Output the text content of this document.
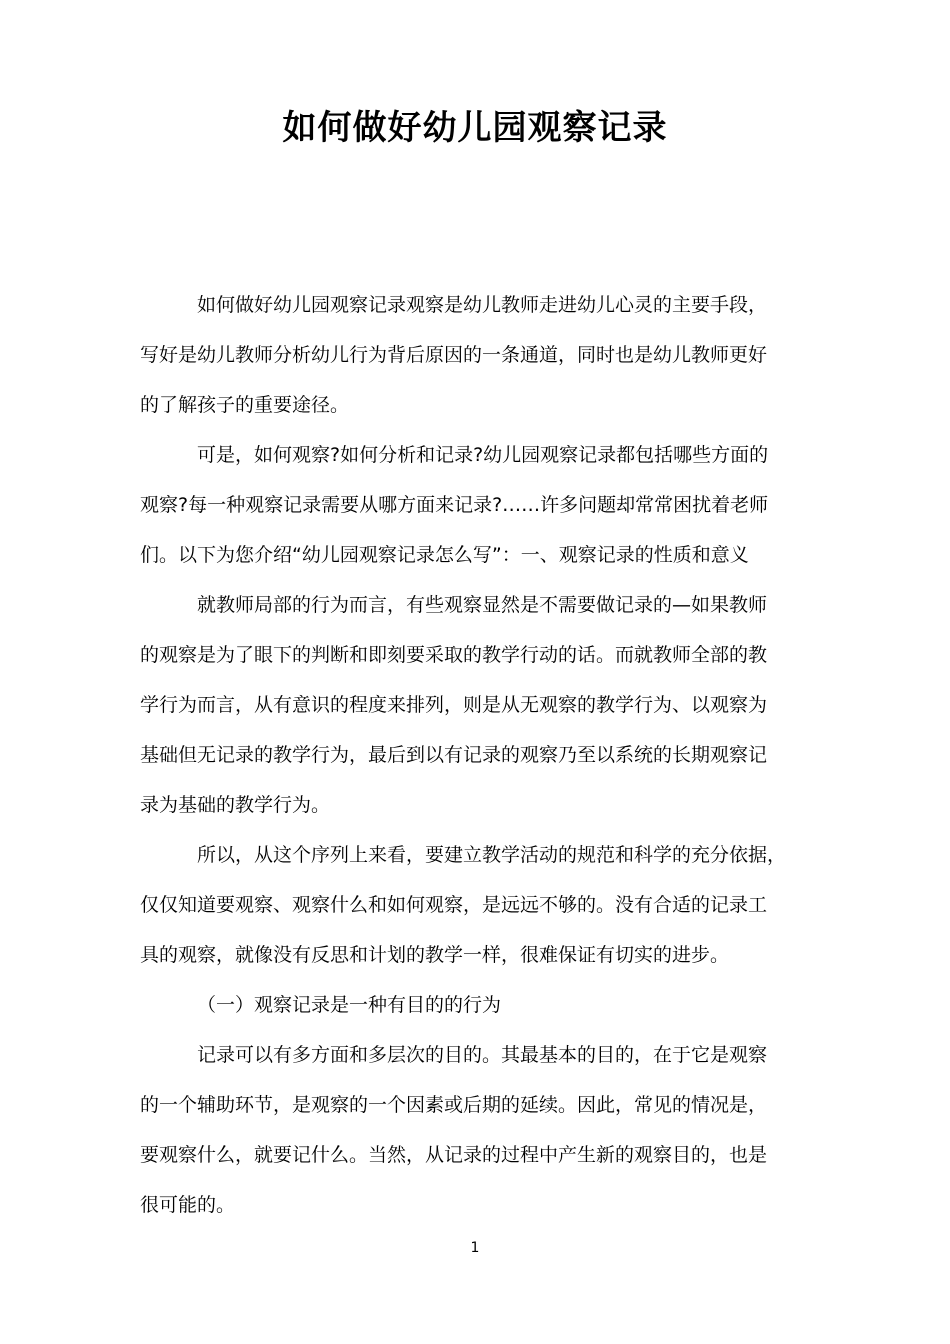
如何做好幼儿园观察记录
如何做好幼儿园观察记录观察是幼儿教师走进幼儿心灵的主要手段，
写好是幼儿教师分析幼儿行为背后原因的一条通道，同时也是幼儿教师更好
的了解孩子的重要途径。
可是，如何观察?如何分析和记录?幼儿园观察记录都包括哪些方面的
观察?每一种观察记录需要从哪方面来记录?……许多问题却常常困扰着老师
们。以下为您介绍“幼儿园观察记录怎么写”：一、观察记录的性质和意义
就教师局部的行为而言，有些观察显然是不需要做记录的—如果教师
的观察是为了眼下的判断和即刻要采取的教学行动的话。而就教师全部的教
学行为而言，从有意识的程度来排列，则是从无观察的教学行为、以观察为
基础但无记录的教学行为，最后到以有记录的观察乃至以系统的长期观察记
录为基础的教学行为。
所以，从这个序列上来看，要建立教学活动的规范和科学的充分依据，
仅仅知道要观察、观察什么和如何观察，是远远不够的。没有合适的记录工
具的观察，就像没有反思和计划的教学一样，很难保证有切实的进步。
（一）观察记录是一种有目的的行为
记录可以有多方面和多层次的目的。其最基本的目的，在于它是观察
的一个辅助环节，是观察的一个因素或后期的延续。因此，常见的情况是，
要观察什么，就要记什么。当然，从记录的过程中产生新的观察目的，也是
很可能的。
1
